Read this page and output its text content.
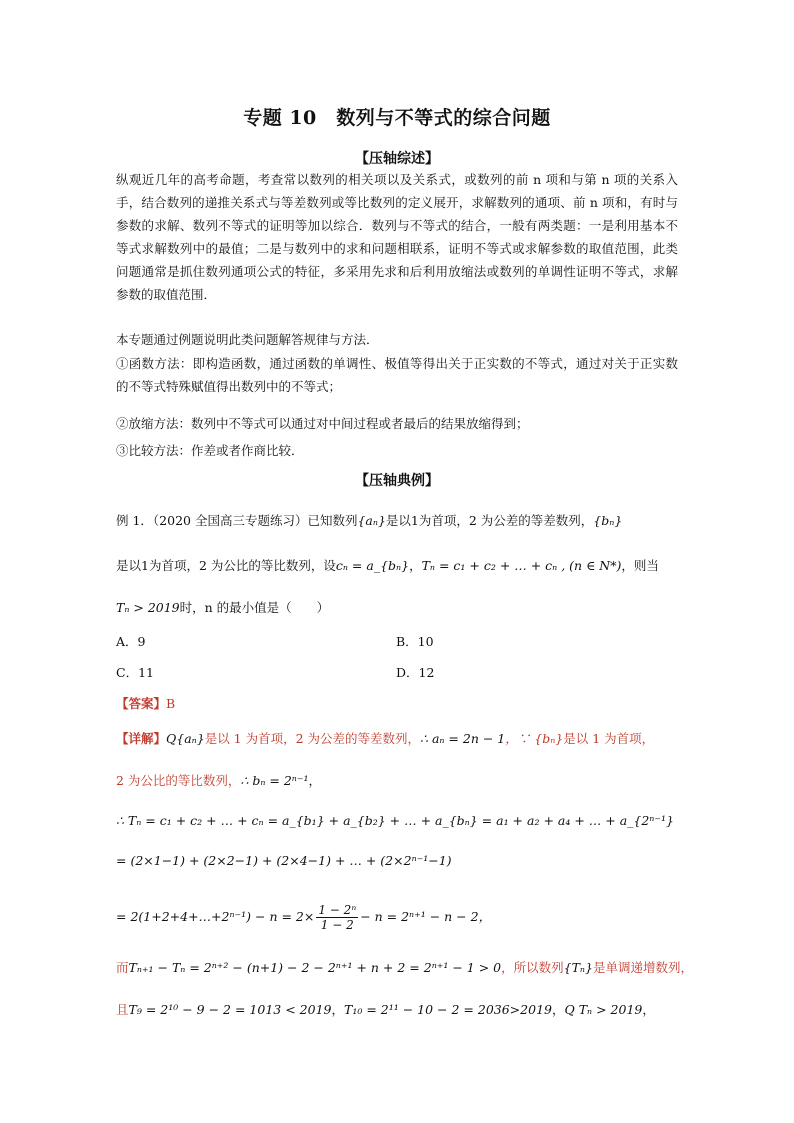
专题 10　数列与不等式的综合问题
【压轴综述】
纵观近几年的高考命题，考查常以数列的相关项以及关系式，或数列的前 n 项和与第 n 项的关系入手，结合数列的递推关系式与等差数列或等比数列的定义展开，求解数列的通项、前 n 项和，有时与参数的求解、数列不等式的证明等加以综合．数列与不等式的结合，一般有两类题：一是利用基本不等式求解数列中的最值；二是与数列中的求和问题相联系，证明不等式或求解参数的取值范围，此类问题通常是抓住数列通项公式的特征，多采用先求和后利用放缩法或数列的单调性证明不等式，求解参数的取值范围．
本专题通过例题说明此类问题解答规律与方法．
①函数方法：即构造函数，通过函数的单调性、极值等得出关于正实数的不等式，通过对关于正实数的不等式特殊赋值得出数列中的不等式；
②放缩方法：数列中不等式可以通过对中间过程或者最后的结果放缩得到；
③比较方法：作差或者作商比较．
【压轴典例】
例 1．（2020 全国高三专题练习）已知数列{aₙ}是以1为首项，2 为公差的等差数列，{bₙ}
是以1为首项，2 为公比的等比数列，设cₙ = a_{bₙ}，Tₙ = c₁ + c₂ + … + cₙ , (n ∈ N*)，则当
Tₙ > 2019时，n 的最小值是（　　）
A．9	B．10
C．11	D．12
【答案】B
【详解】Q{aₙ}是以 1 为首项，2 为公差的等差数列，∴ aₙ = 2n − 1，∵ {bₙ}是以 1 为首项，
2 为公比的等比数列，∴ bₙ = 2ⁿ⁻¹，
∴ Tₙ = c₁ + c₂ + … + cₙ = a_{b₁} + a_{b₂} + … + a_{bₙ} = a₁ + a₂ + a₄ + … + a_{2ⁿ⁻¹}
= (2×1−1) + (2×2−1) + (2×4−1) + … + (2×2ⁿ⁻¹−1)
= 2(1+2+4+…+2ⁿ⁻¹) − $n = 2\times \frac{\text{1 − 2ⁿ}}{1 - 2} - n = 2^{n+1} - n - 2$，
而Tₙ₊₁ − Tₙ = 2ⁿ⁺² − (n+1) − 2 − 2ⁿ⁺¹ + n + 2 = 2ⁿ⁺¹ − 1 > 0，所以数列{Tₙ}是单调递增数列，
且T₉ = 2¹⁰ − 9 − 2 = 1013 < 2019，T₁₀ = 2¹¹ − 10 − 2 = 2036>2019，Q Tₙ > 2019，
